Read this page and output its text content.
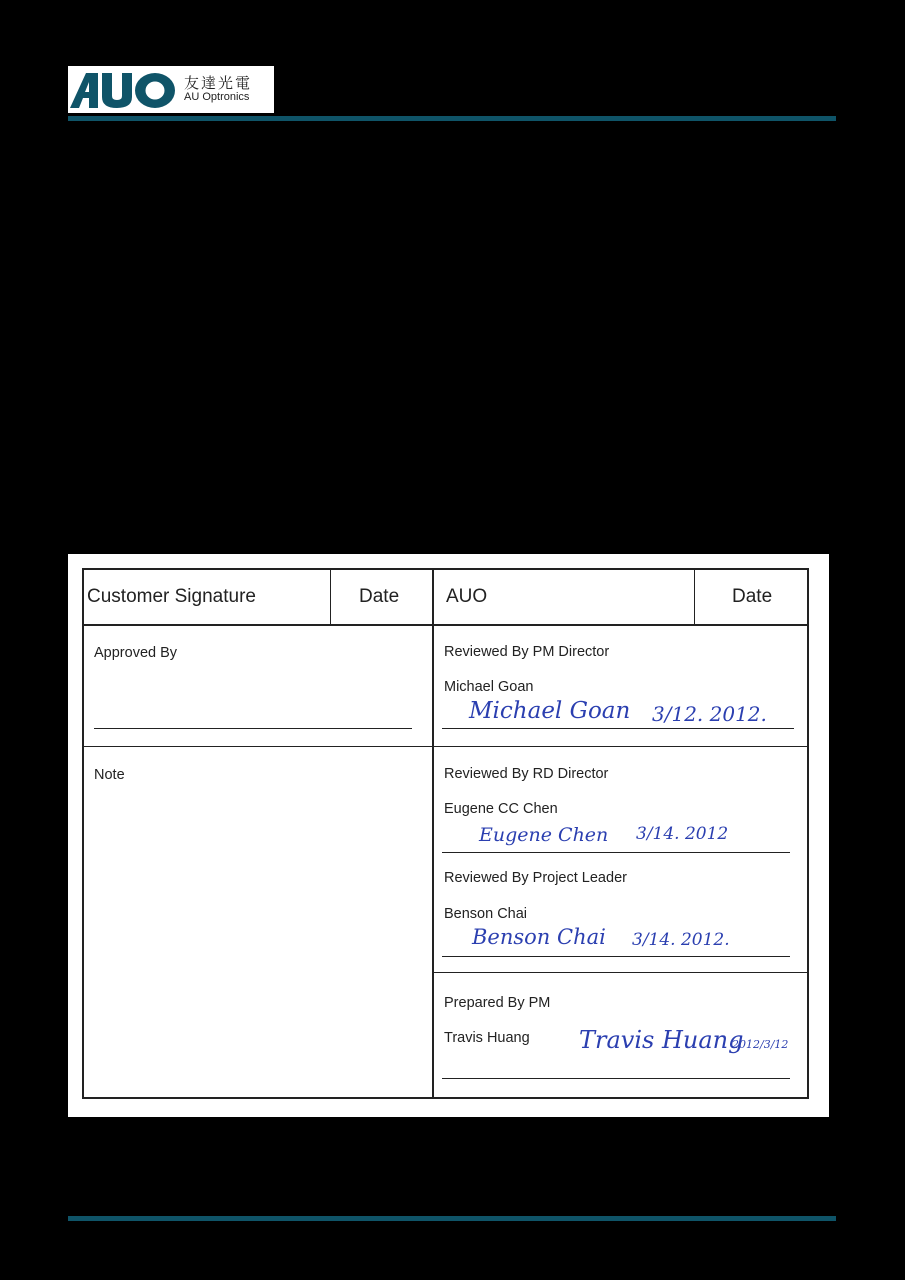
友達光電
AU Optronics
Customer Signature	Date AUO	Date
Approved By
Note
Reviewed By PM Director
Michael Goan
Michael Goan 3/12. 2012.
Reviewed By RD Director
Eugene CC Chen
Eugene Chen 3/14. 2012
Reviewed By Project Leader
Benson Chai
Benson Chai 3/14. 2012.
Prepared By PM
Travis Huang Travis Huang
2012/3/12
